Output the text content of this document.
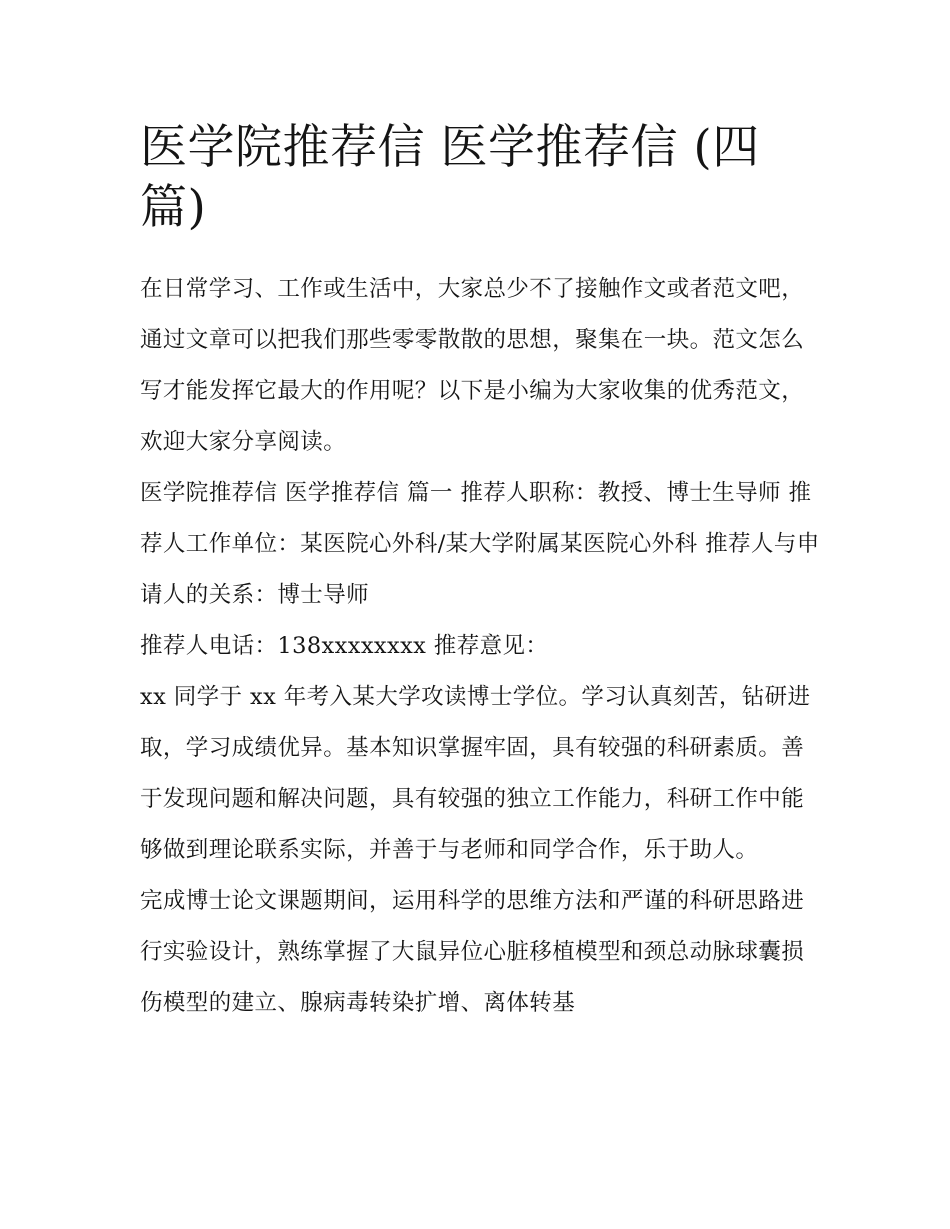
医学院推荐信 医学推荐信 (四篇)

在日常学习、工作或生活中，大家总少不了接触作文或者范文吧，通过文章可以把我们那些零零散散的思想，聚集在一块。范文怎么写才能发挥它最大的作用呢？以下是小编为大家收集的优秀范文，欢迎大家分享阅读。

医学院推荐信 医学推荐信 篇一 推荐人职称：教授、博士生导师 推荐人工作单位：某医院心外科/某大学附属某医院心外科 推荐人与申请人的关系：博士导师

推荐人电话：138xxxxxxxx 推荐意见：

xx 同学于 xx 年考入某大学攻读博士学位。学习认真刻苦，钻研进取，学习成绩优异。基本知识掌握牢固，具有较强的科研素质。善于发现问题和解决问题，具有较强的独立工作能力，科研工作中能够做到理论联系实际，并善于与老师和同学合作，乐于助人。

完成博士论文课题期间，运用科学的思维方法和严谨的科研思路进行实验设计，熟练掌握了大鼠异位心脏移植模型和颈总动脉球囊损伤模型的建立、腺病毒转染扩增、离体转基
